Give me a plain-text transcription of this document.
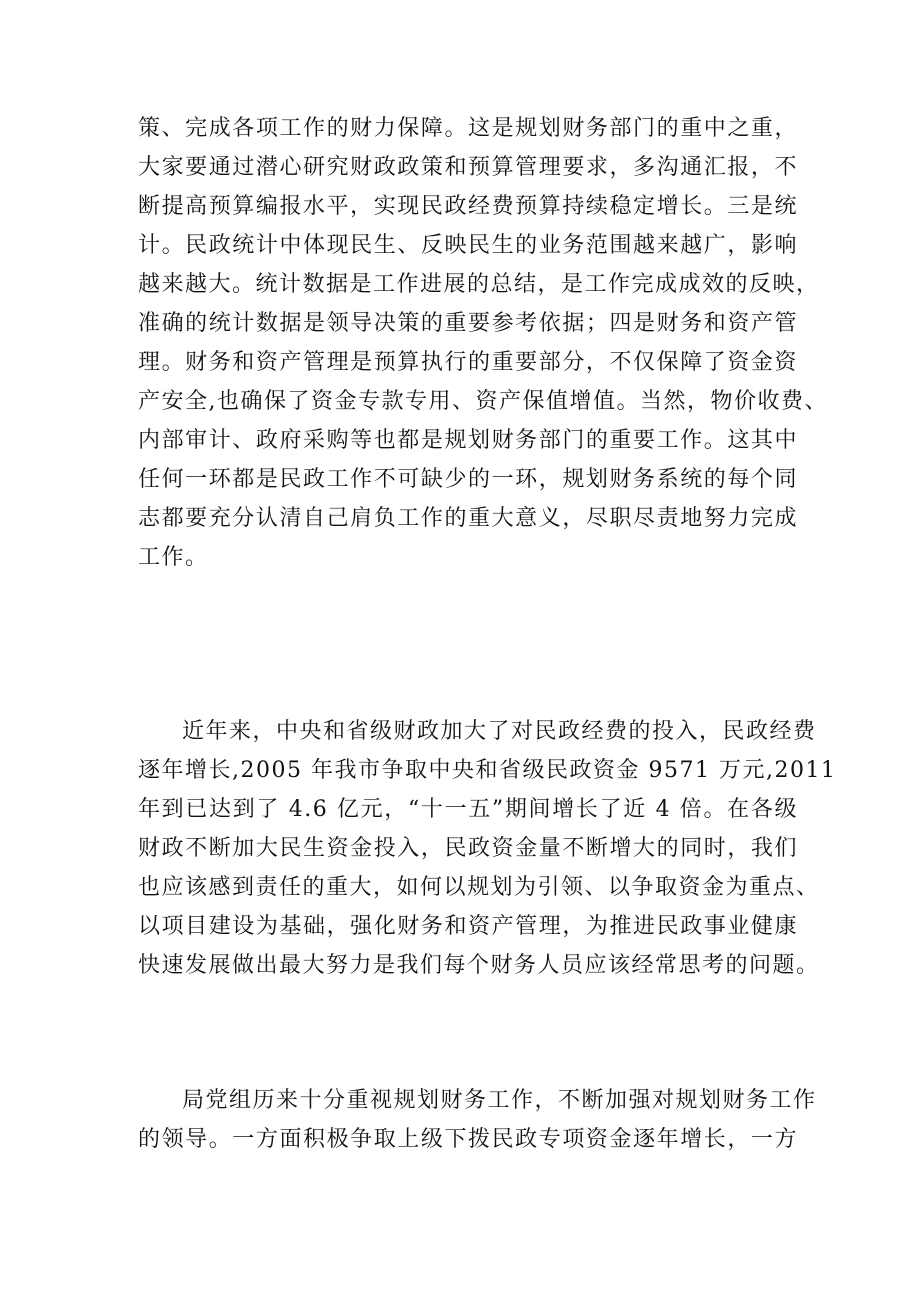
策、完成各项工作的财力保障。这是规划财务部门的重中之重，
大家要通过潜心研究财政政策和预算管理要求，多沟通汇报，不
断提高预算编报水平，实现民政经费预算持续稳定增长。三是统
计。民政统计中体现民生、反映民生的业务范围越来越广，影响
越来越大。统计数据是工作进展的总结，是工作完成成效的反映，
准确的统计数据是领导决策的重要参考依据；四是财务和资产管
理。财务和资产管理是预算执行的重要部分，不仅保障了资金资
产安全,也确保了资金专款专用、资产保值增值。当然，物价收费、
内部审计、政府采购等也都是规划财务部门的重要工作。这其中
任何一环都是民政工作不可缺少的一环，规划财务系统的每个同
志都要充分认清自己肩负工作的重大意义，尽职尽责地努力完成
工作。
近年来，中央和省级财政加大了对民政经费的投入，民政经费
逐年增长,2005 年我市争取中央和省级民政资金 9571 万元,2011
年到已达到了 4.6 亿元，“十一五”期间增长了近 4 倍。在各级
财政不断加大民生资金投入，民政资金量不断增大的同时，我们
也应该感到责任的重大，如何以规划为引领、以争取资金为重点、
以项目建设为基础，强化财务和资产管理，为推进民政事业健康
快速发展做出最大努力是我们每个财务人员应该经常思考的问题。
局党组历来十分重视规划财务工作，不断加强对规划财务工作
的领导。一方面积极争取上级下拨民政专项资金逐年增长，一方
